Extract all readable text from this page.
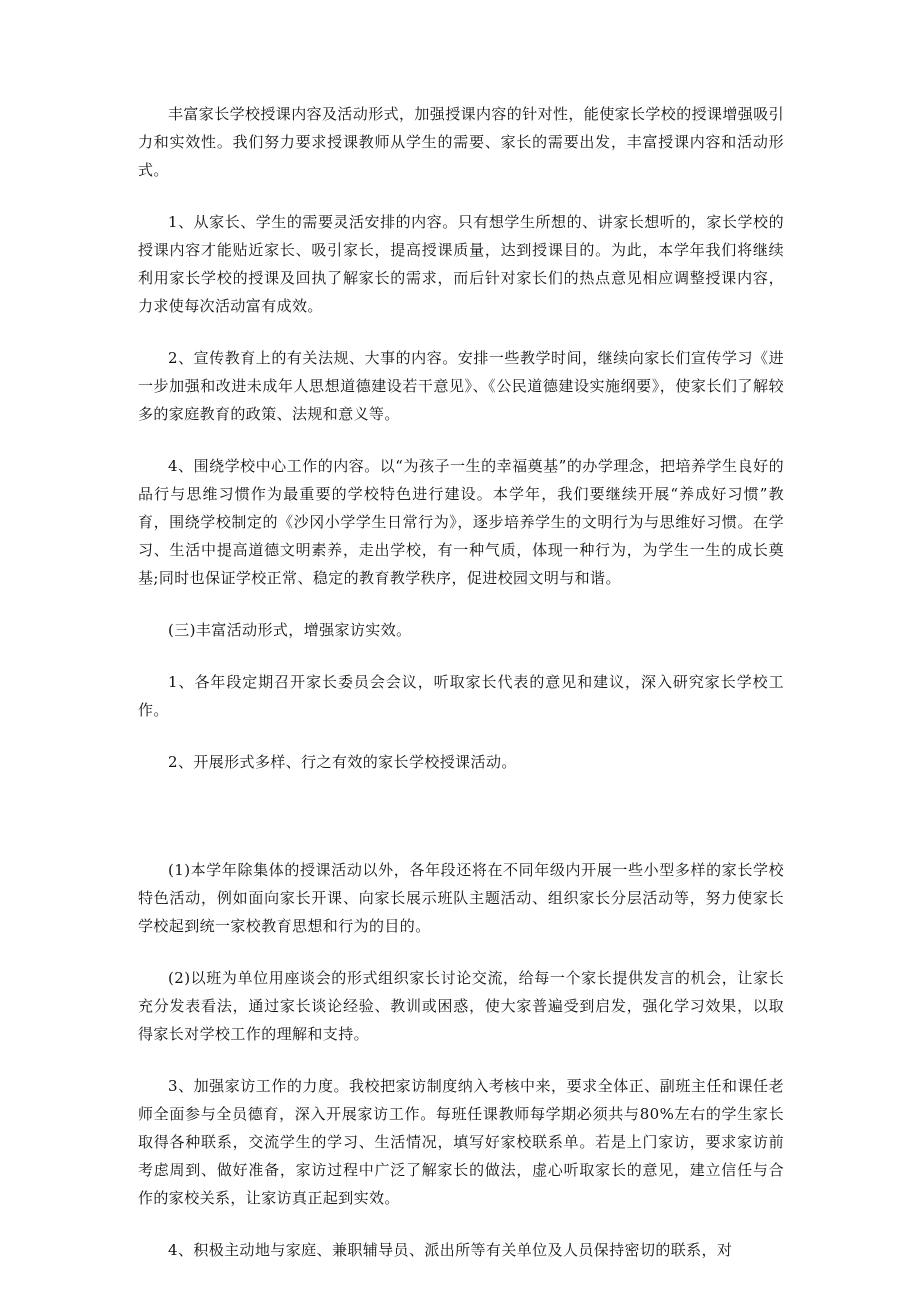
丰富家长学校授课内容及活动形式，加强授课内容的针对性，能使家长学校的授课增强吸引力和实效性。我们努力要求授课教师从学生的需要、家长的需要出发，丰富授课内容和活动形式。

1、从家长、学生的需要灵活安排的内容。只有想学生所想的、讲家长想听的，家长学校的授课内容才能贴近家长、吸引家长，提高授课质量，达到授课目的。为此，本学年我们将继续利用家长学校的授课及回执了解家长的需求，而后针对家长们的热点意见相应调整授课内容，力求使每次活动富有成效。

2、宣传教育上的有关法规、大事的内容。安排一些教学时间，继续向家长们宣传学习《进一步加强和改进未成年人思想道德建设若干意见》、《公民道德建设实施纲要》，使家长们了解较多的家庭教育的政策、法规和意义等。

4、围绕学校中心工作的内容。以“为孩子一生的幸福奠基”的办学理念，把培养学生良好的品行与思维习惯作为最重要的学校特色进行建设。本学年，我们要继续开展“养成好习惯”教育，围绕学校制定的《沙冈小学学生日常行为》，逐步培养学生的文明行为与思维好习惯。在学习、生活中提高道德文明素养，走出学校，有一种气质，体现一种行为，为学生一生的成长奠基;同时也保证学校正常、稳定的教育教学秩序，促进校园文明与和谐。

(三)丰富活动形式，增强家访实效。

1、各年段定期召开家长委员会会议，听取家长代表的意见和建议，深入研究家长学校工作。

2、开展形式多样、行之有效的家长学校授课活动。

(1)本学年除集体的授课活动以外，各年段还将在不同年级内开展一些小型多样的家长学校特色活动，例如面向家长开课、向家长展示班队主题活动、组织家长分层活动等，努力使家长学校起到统一家校教育思想和行为的目的。

(2)以班为单位用座谈会的形式组织家长讨论交流，给每一个家长提供发言的机会，让家长充分发表看法，通过家长谈论经验、教训或困惑，使大家普遍受到启发，强化学习效果，以取得家长对学校工作的理解和支持。

3、加强家访工作的力度。我校把家访制度纳入考核中来，要求全体正、副班主任和课任老师全面参与全员德育，深入开展家访工作。每班任课教师每学期必须共与80%左右的学生家长取得各种联系，交流学生的学习、生活情况，填写好家校联系单。若是上门家访，要求家访前考虑周到、做好准备，家访过程中广泛了解家长的做法，虚心听取家长的意见，建立信任与合作的家校关系，让家访真正起到实效。

4、积极主动地与家庭、兼职辅导员、派出所等有关单位及人员保持密切的联系，对
